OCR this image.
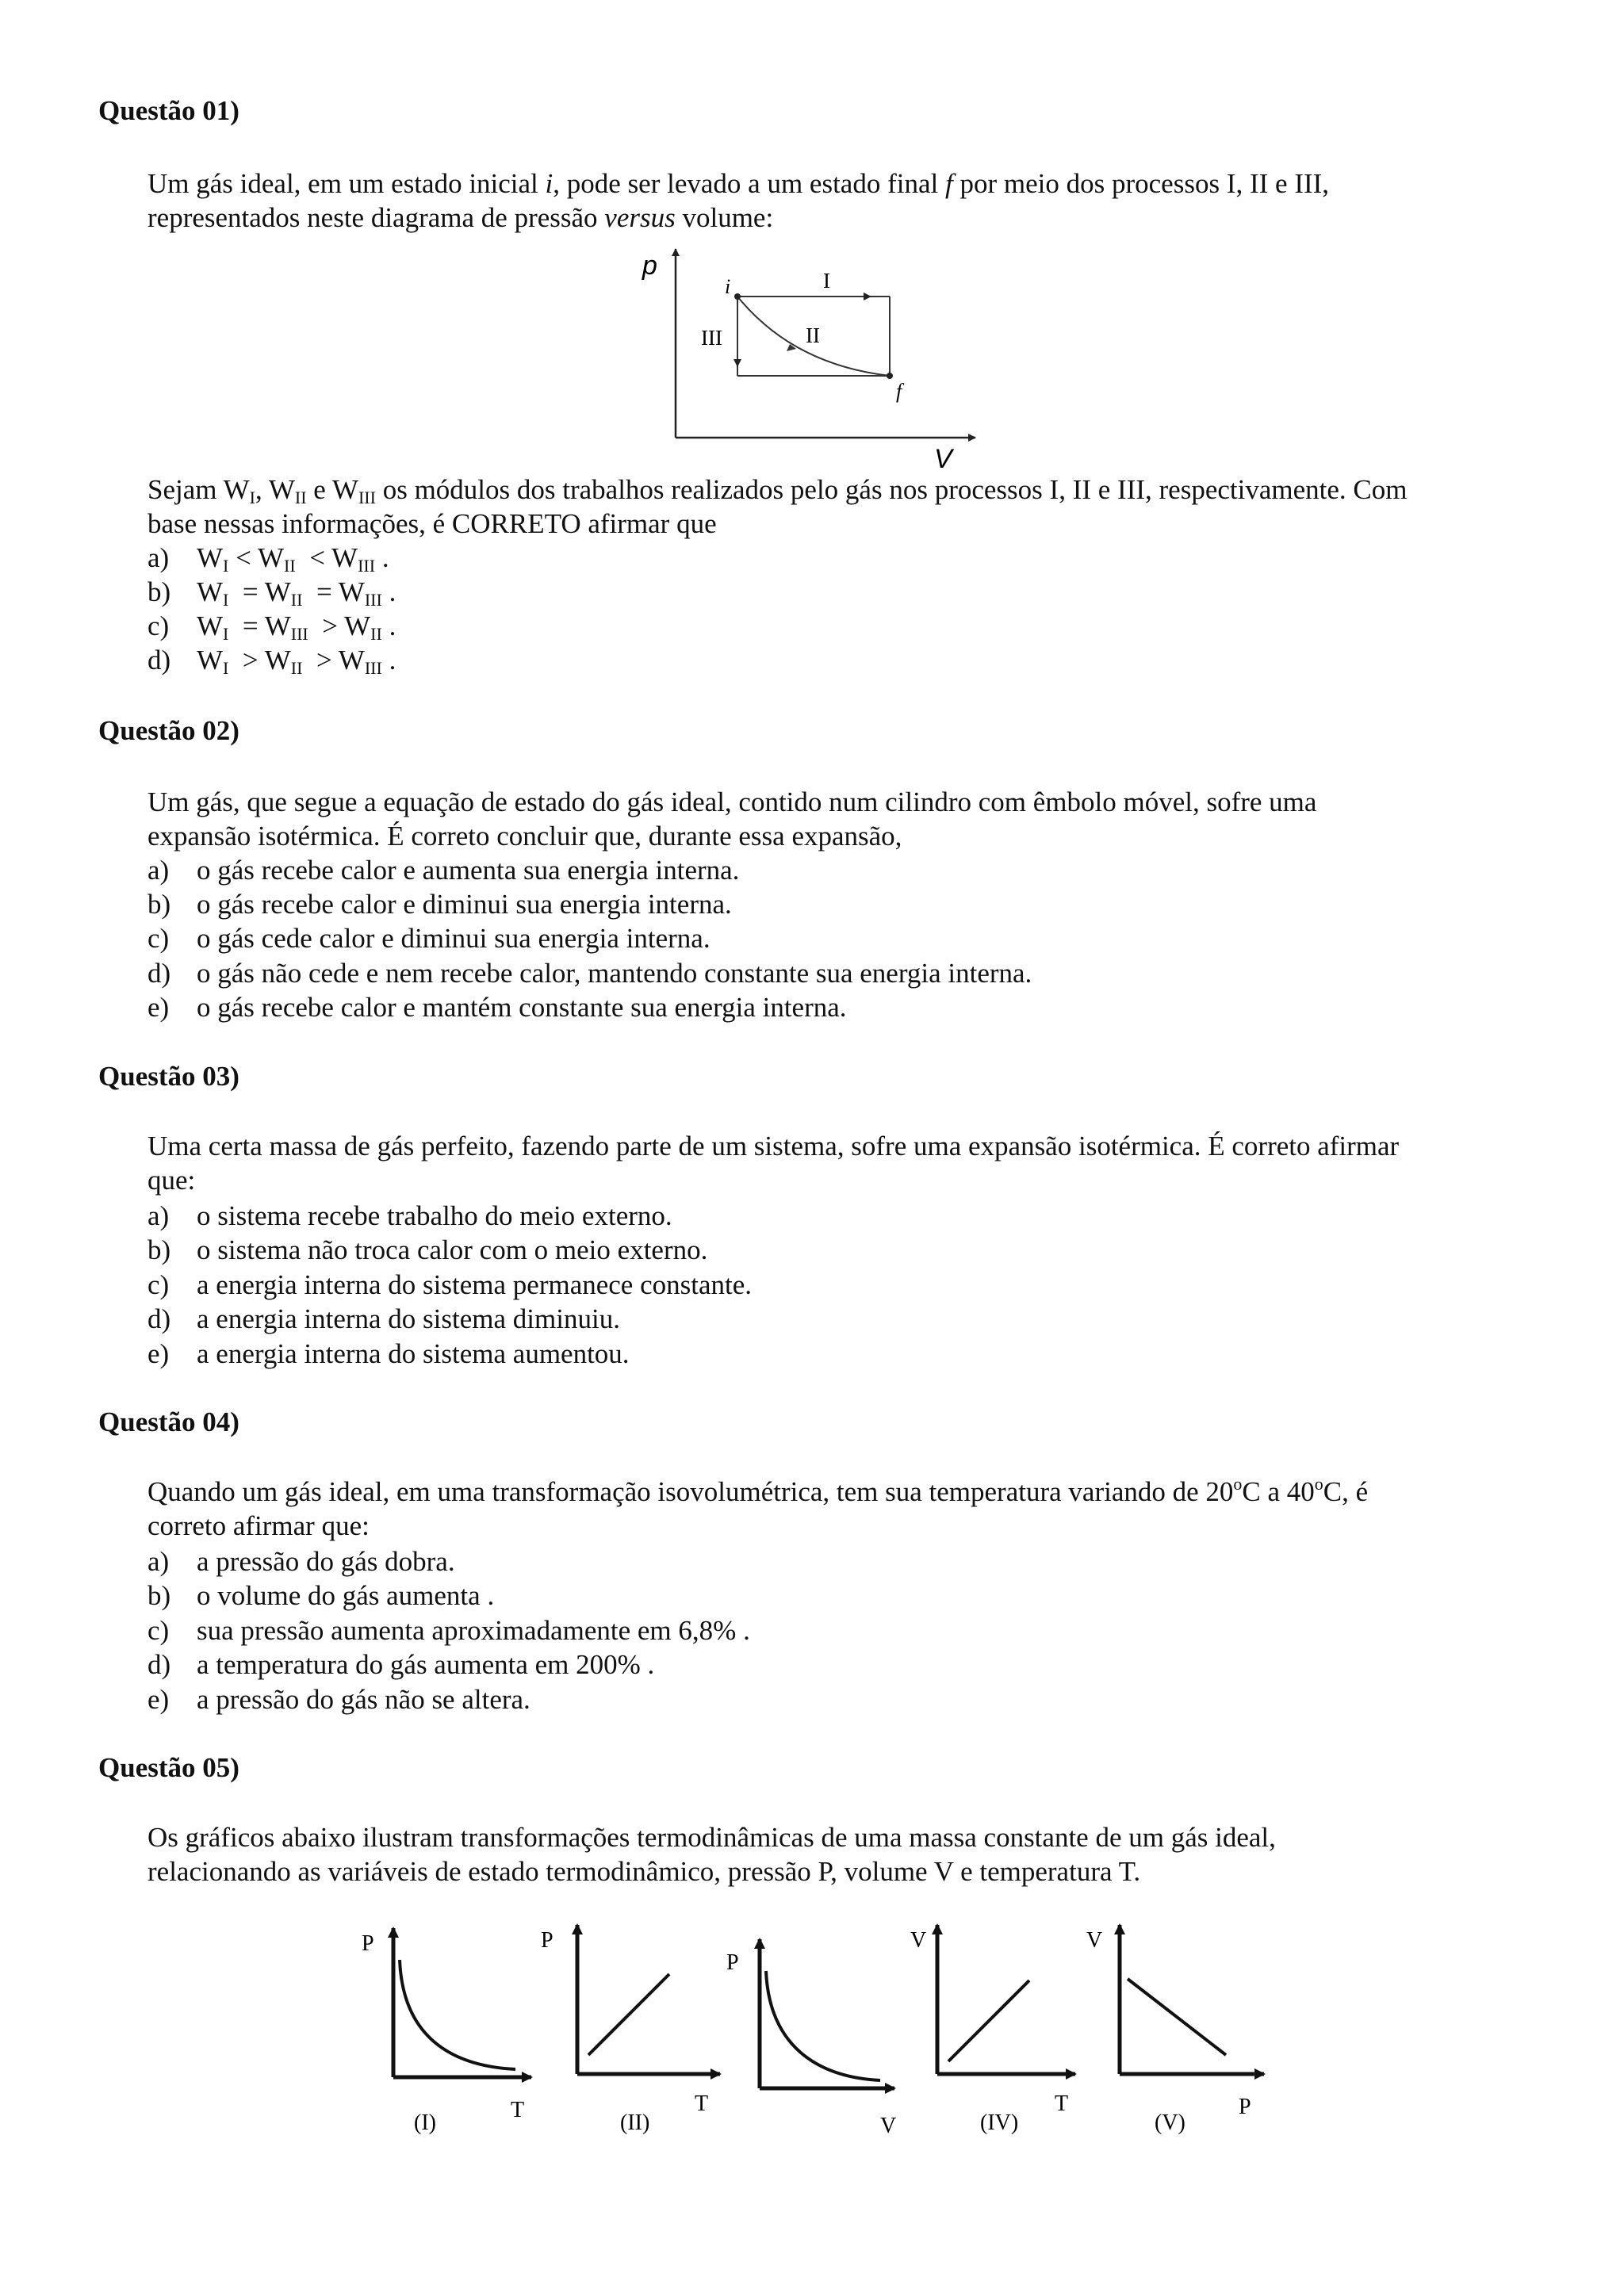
Questão 01)
Um gás ideal, em um estado inicial i, pode ser levado a um estado final f por meio dos processos I, II e III,
representados neste diagrama de pressão versus volume:
p
V
i
f
I
II
III
Sejam $W_I$, $W_{II}$ e $W_{III}$ os módulos dos trabalhos realizados pelo gás nos processos I, II e III, respectivamente. Com
base nessas informações, é CORRETO afirmar que
a) $W_I < W_{II} < W_{III}$ .
b) $W_I = W_{II} = W_{III}$ .
c) $W_I = W_{III} > W_{II}$ .
d) $W_I > W_{II} > W_{III}$ .
Questão 02)
Um gás, que segue a equação de estado do gás ideal, contido num cilindro com êmbolo móvel, sofre uma
expansão isotérmica. É correto concluir que, durante essa expansão,
a) o gás recebe calor e aumenta sua energia interna.
b) o gás recebe calor e diminui sua energia interna.
c) o gás cede calor e diminui sua energia interna.
d) o gás não cede e nem recebe calor, mantendo constante sua energia interna.
e) o gás recebe calor e mantém constante sua energia interna.
Questão 03)
Uma certa massa de gás perfeito, fazendo parte de um sistema, sofre uma expansão isotérmica. É correto afirmar
que:
a) o sistema recebe trabalho do meio externo.
b) o sistema não troca calor com o meio externo.
c) a energia interna do sistema permanece constante.
d) a energia interna do sistema diminuiu.
e) a energia interna do sistema aumentou.
Questão 04)
Quando um gás ideal, em uma transformação isovolumétrica, tem sua temperatura variando de 20$^o$C a 40$^o$C, é
correto afirmar que:
a) a pressão do gás dobra.
b) o volume do gás aumenta .
c) sua pressão aumenta aproximadamente em 6,8% .
d) a temperatura do gás aumenta em 200% .
e) a pressão do gás não se altera.
Questão 05)
Os gráficos abaixo ilustram transformações termodinâmicas de uma massa constante de um gás ideal,
relacionando as variáveis de estado termodinâmico, pressão P, volume V e temperatura T.
P
T
(I)
P
T
(II)
P
V
V
T
(IV)
V
P
(V)
